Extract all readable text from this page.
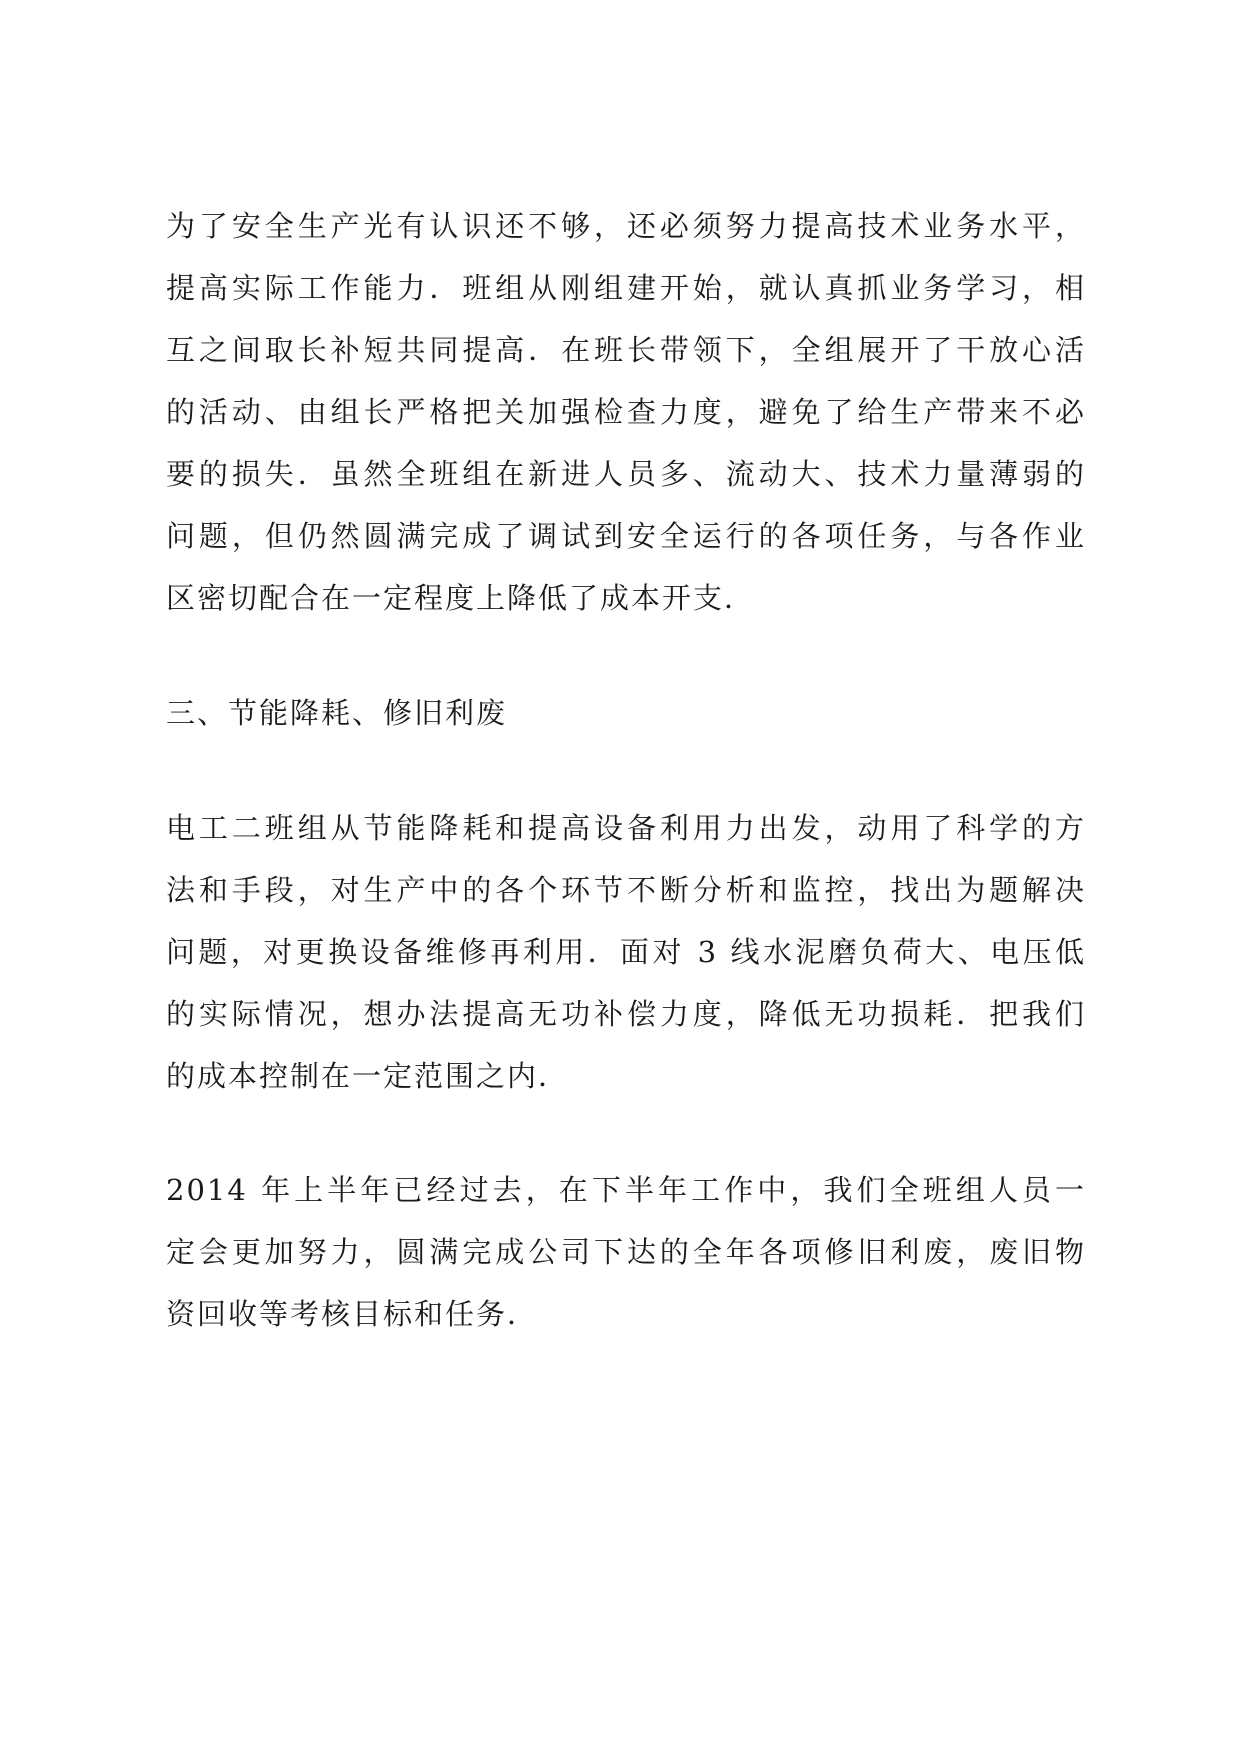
为了安全生产光有认识还不够，还必须努力提高技术业务水平，
提高实际工作能力．班组从刚组建开始，就认真抓业务学习，相
互之间取长补短共同提高．在班长带领下，全组展开了干放心活
的活动、由组长严格把关加强检查力度，避免了给生产带来不必
要的损失．虽然全班组在新进人员多、流动大、技术力量薄弱的
问题，但仍然圆满完成了调试到安全运行的各项任务，与各作业
区密切配合在一定程度上降低了成本开支．
三、节能降耗、修旧利废
电工二班组从节能降耗和提高设备利用力出发，动用了科学的方
法和手段，对生产中的各个环节不断分析和监控，找出为题解决
问题，对更换设备维修再利用．面对 3 线水泥磨负荷大、电压低
的实际情况，想办法提高无功补偿力度，降低无功损耗．把我们
的成本控制在一定范围之内．
2014 年上半年已经过去，在下半年工作中，我们全班组人员一
定会更加努力，圆满完成公司下达的全年各项修旧利废，废旧物
资回收等考核目标和任务．
